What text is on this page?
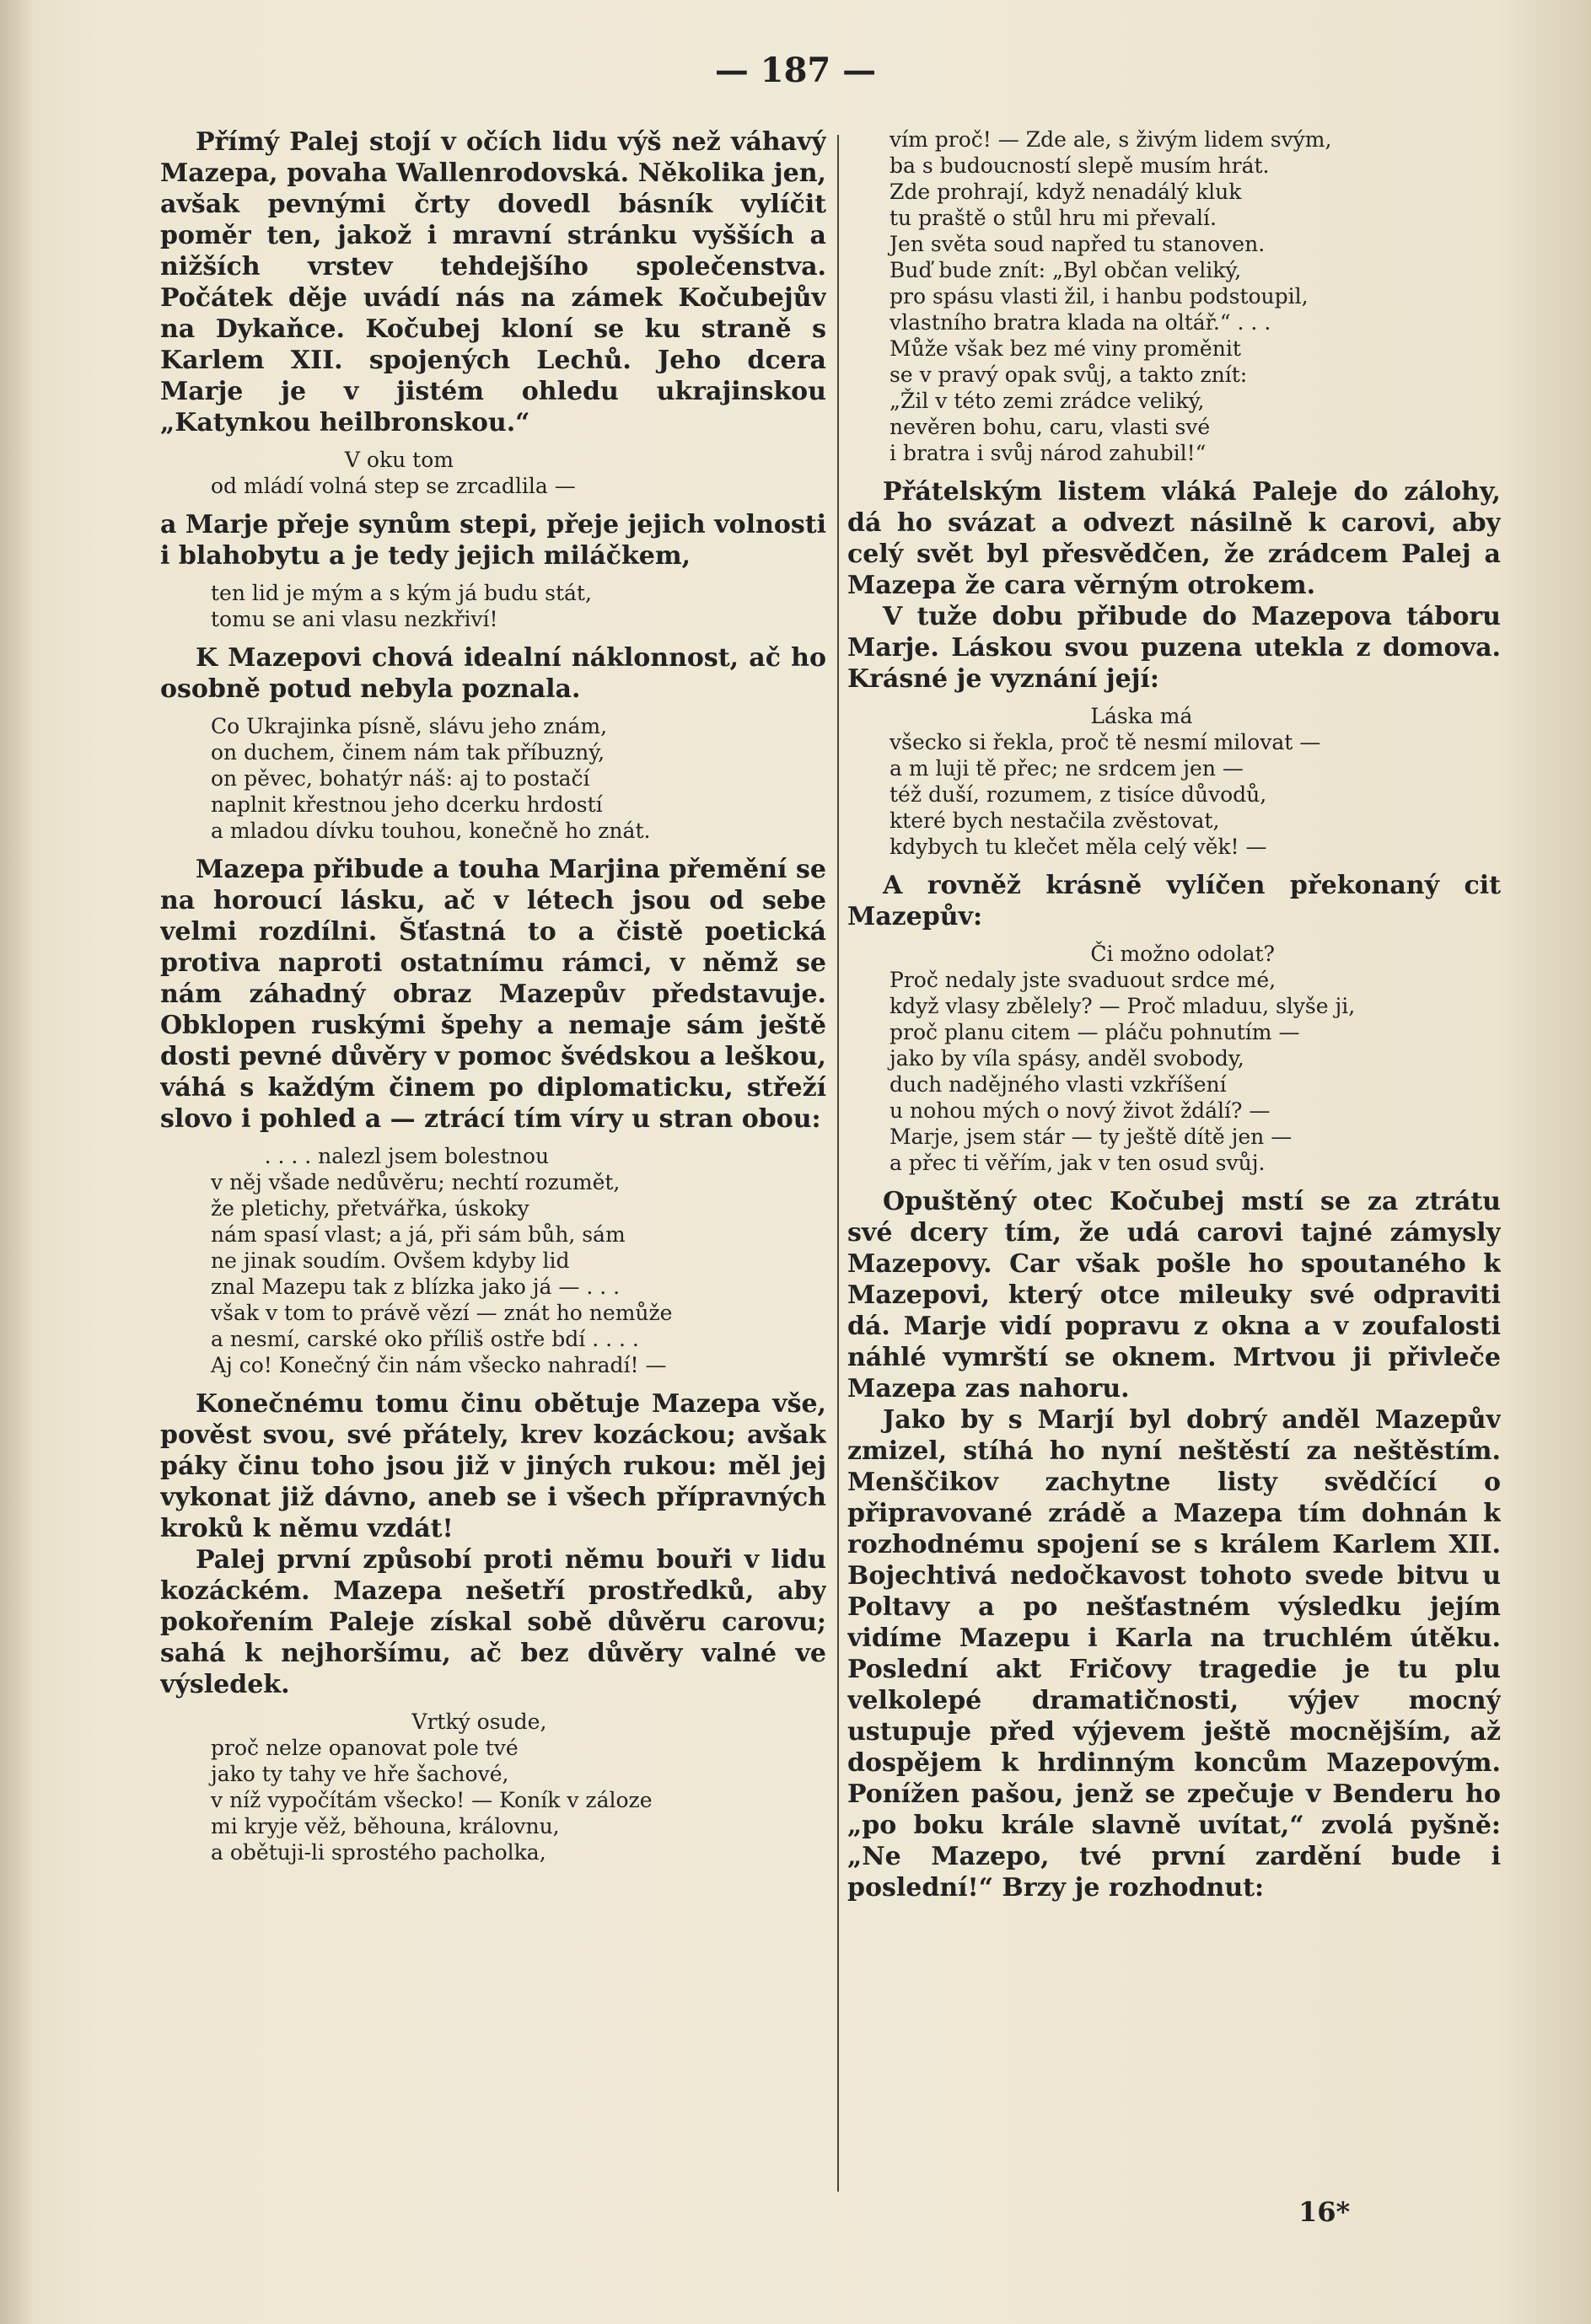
— 187 —

Přímý Palej stojí v očích lidu výš než váhavý Mazepa, povaha Wallenrodovská. Několika jen, avšak pevnými črty dovedl básník vylíčit poměr ten, jakož i mravní stránku vyšších a nižších vrstev tehdejšího společenstva. Počátek děje uvádí nás na zámek Kočubejův na Dykaňce. Kočubej kloní se ku straně s Karlem XII. spojených Lechů. Jeho dcera Marje je v jistém ohledu ukrajinskou „Katynkou heilbronskou.“

V oku tom
od mládí volná step se zrcadlila —

a Marje přeje synům stepi, přeje jejich volnosti i blahobytu a je tedy jejich miláčkem,

ten lid je mým a s kým já budu stát,
tomu se ani vlasu nezkřiví!

K Mazepovi chová idealní náklonnost, ač ho osobně potud nebyla poznala.

Co Ukrajinka písně, slávu jeho znám,
on duchem, činem nám tak příbuzný,
on pěvec, bohatýr náš: aj to postačí
naplnit křestnou jeho dcerku hrdostí
a mladou dívku touhou, konečně ho znát.

Mazepa přibude a touha Marjina přemění se na horoucí lásku, ač v létech jsou od sebe velmi rozdílni. Šťastná to a čistě poetická protiva naproti ostatnímu rámci, v němž se nám záhadný obraz Mazepův představuje. Obklopen ruskými špehy a nemaje sám ještě dosti pevné důvěry v pomoc švédskou a leškou, váhá s každým činem po diplomaticku, střeží slovo i pohled a — ztrácí tím víry u stran obou:

. . . . nalezl jsem bolestnou
v něj všade nedůvěru; nechtí rozumět,
že pletichy, přetvářka, úskoky
nám spasí vlast; a já, při sám bůh, sám
ne jinak soudím. Ovšem kdyby lid
znal Mazepu tak z blízka jako já — . . .
však v tom to právě vězí — znát ho nemůže
a nesmí, carské oko příliš ostře bdí . . . .
Aj co! Konečný čin nám všecko nahradí! —

Konečnému tomu činu obětuje Mazepa vše, pověst svou, své přátely, krev kozáckou; avšak páky činu toho jsou již v jiných rukou: měl jej vykonat již dávno, aneb se i všech přípravných kroků k němu vzdát!

Palej první způsobí proti němu bouři v lidu kozáckém. Mazepa nešetří prostředků, aby pokořením Paleje získal sobě důvěru carovu; sahá k nejhoršímu, ač bez důvěry valné ve výsledek.

Vrtký osude,
proč nelze opanovat pole tvé
jako ty tahy ve hře šachové,
v níž vypočítám všecko! — Koník v záloze
mi kryje věž, běhouna, královnu,
a obětuji-li sprostého pacholka,
vím proč! — Zde ale, s živým lidem svým,
ba s budoucností slepě musím hrát.
Zde prohrají, když nenadálý kluk
tu praště o stůl hru mi převalí.
Jen světa soud napřed tu stanoven.
Buď bude znít: „Byl občan veliký,
pro spásu vlasti žil, i hanbu podstoupil,
vlastního bratra klada na oltář.“ . . .
Může však bez mé viny proměnit
se v pravý opak svůj, a takto znít:
„Žil v této zemi zrádce veliký,
nevěren bohu, caru, vlasti své
i bratra i svůj národ zahubil!“

Přátelským listem vláká Paleje do zálohy, dá ho svázat a odvezt násilně k carovi, aby celý svět byl přesvědčen, že zrádcem Palej a Mazepa že cara věrným otrokem.

V tuže dobu přibude do Mazepova táboru Marje. Láskou svou puzena utekla z domova. Krásné je vyznání její:

Láska má
všecko si řekla, proč tě nesmí milovat —
a m luji tě přec; ne srdcem jen —
též duší, rozumem, z tisíce důvodů,
které bych nestačila zvěstovat,
kdybych tu klečet měla celý věk! —

A rovněž krásně vylíčen překonaný cit Mazepův:

Či možno odolat?
Proč nedaly jste svaduout srdce mé,
když vlasy zbělely? — Proč mladuu, slyše ji,
proč planu citem — pláču pohnutím —
jako by víla spásy, anděl svobody,
duch nadějného vlasti vzkříšení
u nohou mých o nový život ždálí? —
Marje, jsem stár — ty ještě dítě jen —
a přec ti věřím, jak v ten osud svůj.

Opuštěný otec Kočubej mstí se za ztrátu své dcery tím, že udá carovi tajné zámysly Mazepovy. Car však pošle ho spoutaného k Mazepovi, který otce mileuky své odpraviti dá. Marje vidí popravu z okna a v zoufalosti náhlé vymrští se oknem. Mrtvou ji přivleče Mazepa zas nahoru.

Jako by s Marjí byl dobrý anděl Mazepův zmizel, stíhá ho nyní neštěstí za neštěstím. Menščikov zachytne listy svědčící o připravované zrádě a Mazepa tím dohnán k rozhodnému spojení se s králem Karlem XII. Bojechtivá nedočkavost tohoto svede bitvu u Poltavy a po nešťastném výsledku jejím vidíme Mazepu i Karla na truchlém útěku. Poslední akt Fričovy tragedie je tu plu velkolepé dramatičnosti, výjev mocný ustupuje před výjevem ještě mocnějším, až dospějem k hrdinným koncům Mazepovým. Ponížen pašou, jenž se zpečuje v Benderu ho „po boku krále slavně uvítat,“ zvolá pyšně: „Ne Mazepo, tvé první zardění bude i poslední!“ Brzy je rozhodnut:

16*
